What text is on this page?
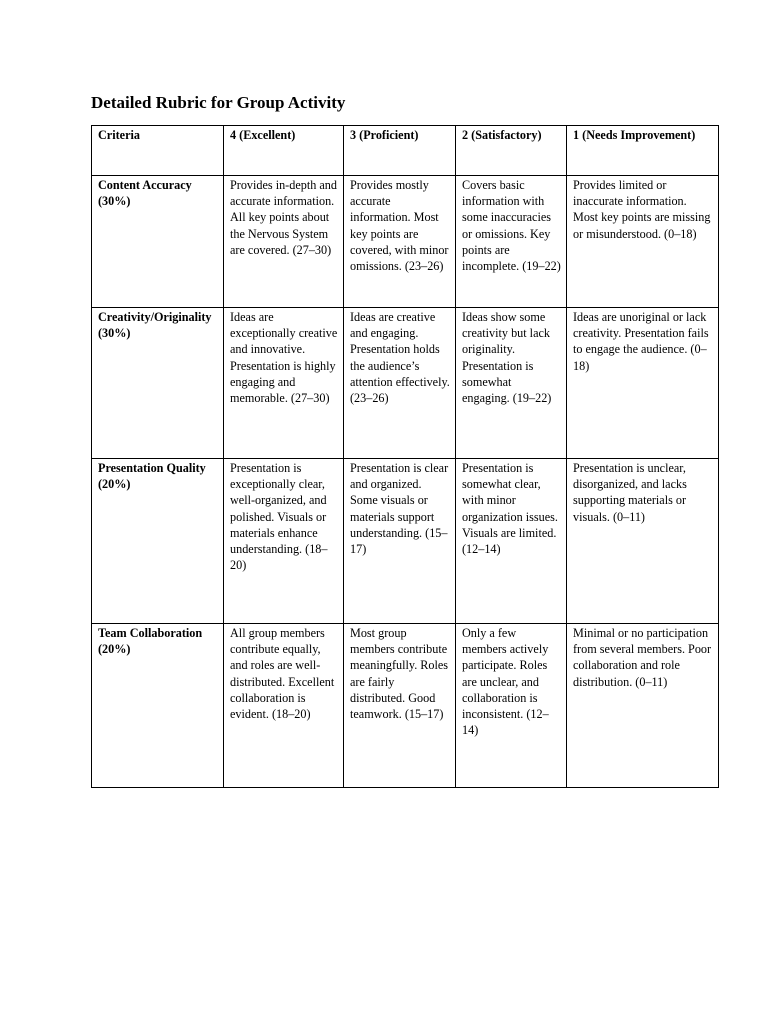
Detailed Rubric for Group Activity
Criteria	4 (Excellent)	3 (Proficient)	2 (Satisfactory)	1 (Needs Improvement)

Content Accuracy
(30%)	Provides in-depth and accurate information. All key points about the Nervous System are covered. (27–30)	Provides mostly accurate information. Most key points are covered, with minor omissions. (23–26)	Covers basic information with some inaccuracies or omissions. Key points are incomplete. (19–22)	Provides limited or inaccurate information. Most key points are missing or misunderstood. (0–18)

Creativity/Originality
(30%)	Ideas are exceptionally creative and innovative. Presentation is highly engaging and memorable. (27–30)	Ideas are creative and engaging. Presentation holds the audience’s attention effectively. (23–26)	Ideas show some creativity but lack originality. Presentation is somewhat engaging. (19–22)	Ideas are unoriginal or lack creativity. Presentation fails to engage the audience. (0–18)

Presentation Quality
(20%)	Presentation is exceptionally clear, well-organized, and polished. Visuals or materials enhance understanding. (18–20)	Presentation is clear and organized. Some visuals or materials support understanding. (15–17)	Presentation is somewhat clear, with minor organization issues. Visuals are limited. (12–14)	Presentation is unclear, disorganized, and lacks supporting materials or visuals. (0–11)

Team Collaboration
(20%)	All group members contribute equally, and roles are well-distributed. Excellent collaboration is evident. (18–20)	Most group members contribute meaningfully. Roles are fairly distributed. Good teamwork. (15–17)	Only a few members actively participate. Roles are unclear, and collaboration is inconsistent. (12–14)	Minimal or no participation from several members. Poor collaboration and role distribution. (0–11)
